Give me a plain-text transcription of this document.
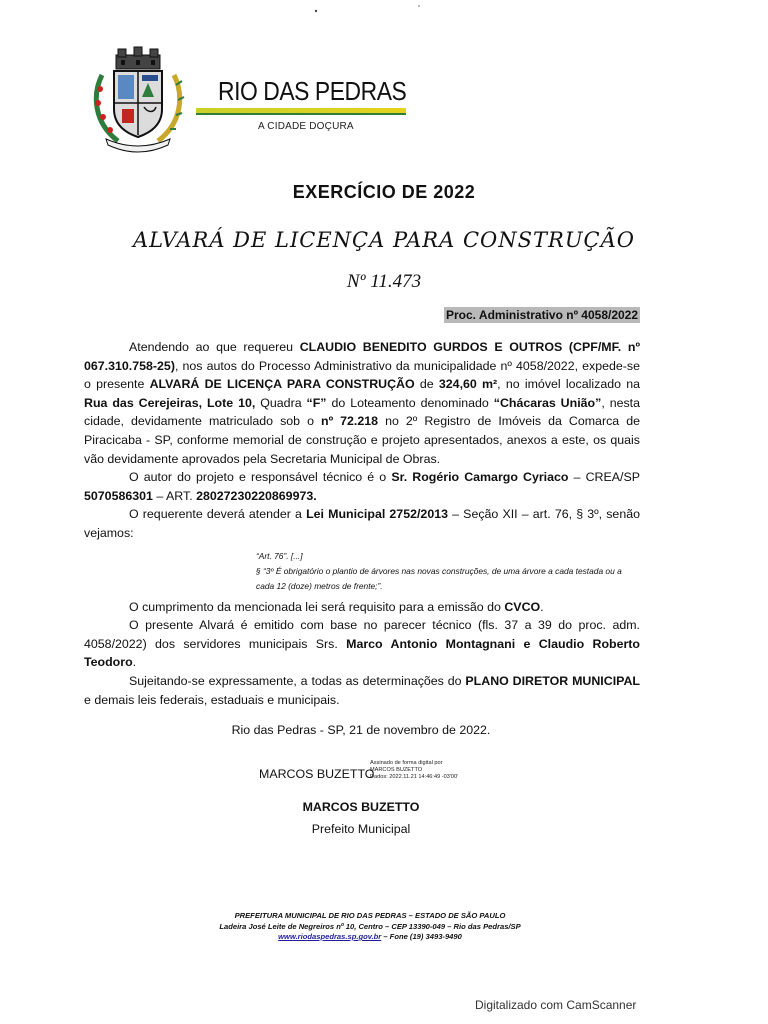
RIO DAS PEDRAS
A CIDADE DOÇURA
EXERCÍCIO DE 2022
ALVARÁ DE LICENÇA PARA CONSTRUÇÃO
Nº 11.473
Proc. Administrativo nº 4058/2022

Atendendo ao que requereu CLAUDIO BENEDITO GURDOS E OUTROS (CPF/MF. nº 067.310.758-25), nos autos do Processo Administrativo da municipalidade nº 4058/2022, expede-se o presente ALVARÁ DE LICENÇA PARA CONSTRUÇÃO de 324,60 m², no imóvel localizado na Rua das Cerejeiras, Lote 10, Quadra “F” do Loteamento denominado “Chácaras União”, nesta cidade, devidamente matriculado sob o nº 72.218 no 2º Registro de Imóveis da Comarca de Piracicaba - SP, conforme memorial de construção e projeto apresentados, anexos a este, os quais vão devidamente aprovados pela Secretaria Municipal de Obras.

O autor do projeto e responsável técnico é o Sr. Rogério Camargo Cyriaco – CREA/SP 5070586301 – ART. 28027230220869973.

O requerente deverá atender a Lei Municipal 2752/2013 – Seção XII – art. 76, § 3º, senão vejamos:

“Art. 76”. [...]
§ “3º É obrigatório o plantio de árvores nas novas construções, de uma árvore a cada testada ou a cada 12 (doze) metros de frente;”.

O cumprimento da mencionada lei será requisito para a emissão do CVCO.

O presente Alvará é emitido com base no parecer técnico (fls. 37 a 39 do proc. adm. 4058/2022) dos servidores municipais Srs. Marco Antonio Montagnani e Claudio Roberto Teodoro.

Sujeitando-se expressamente, a todas as determinações do PLANO DIRETOR MUNICIPAL e demais leis federais, estaduais e municipais.

Rio das Pedras - SP, 21 de novembro de 2022.
MARCOS BUZETTO
Assinado de forma digital por
MARCOS BUZETTO
Dados: 2022.11.21 14:46:49 -03'00'
MARCOS BUZETTO
Prefeito Municipal
PREFEITURA MUNICIPAL DE RIO DAS PEDRAS – ESTADO DE SÃO PAULO
Ladeira José Leite de Negreiros nº 10, Centro – CEP 13390-049 – Rio das Pedras/SP
www.riodaspedras.sp.gov.br – Fone (19) 3493-9490
Digitalizado com CamScanner
